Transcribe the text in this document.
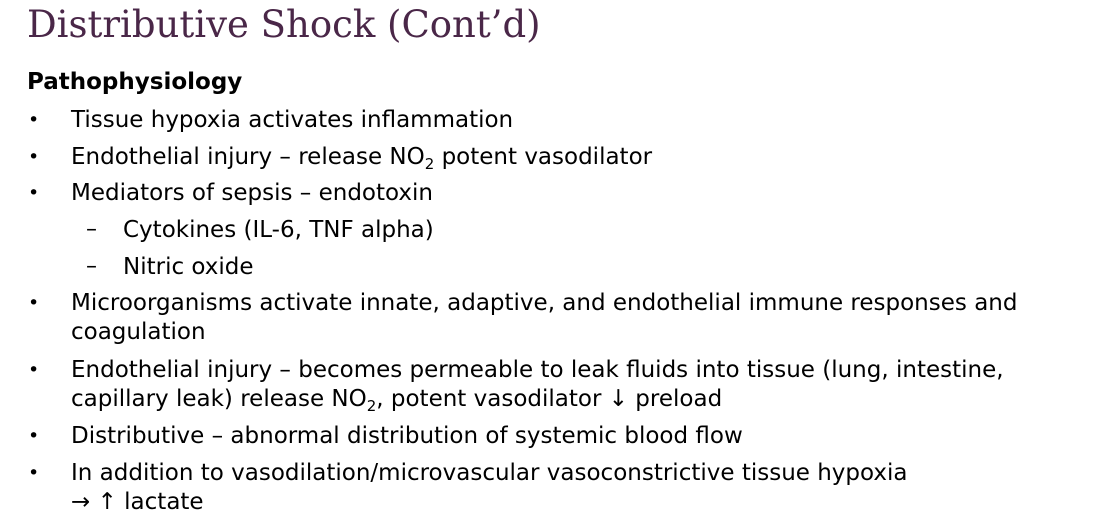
Distributive Shock (Cont’d)
Pathophysiology
• Tissue hypoxia activates inflammation
• Endothelial injury – release $NO_2$ potent vasodilator
• Mediators of sepsis – endotoxin
– Cytokines (IL-6, TNF alpha)
– Nitric oxide
• Microorganisms activate innate, adaptive, and endothelial immune responses and
coagulation
• Endothelial injury – becomes permeable to leak fluids into tissue (lung, intestine,
capillary leak) release $NO_2$, potent vasodilator ↓ preload
• Distributive – abnormal distribution of systemic blood flow
• In addition to vasodilation/microvascular vasoconstrictive tissue hypoxia
→ ↑ lactate
